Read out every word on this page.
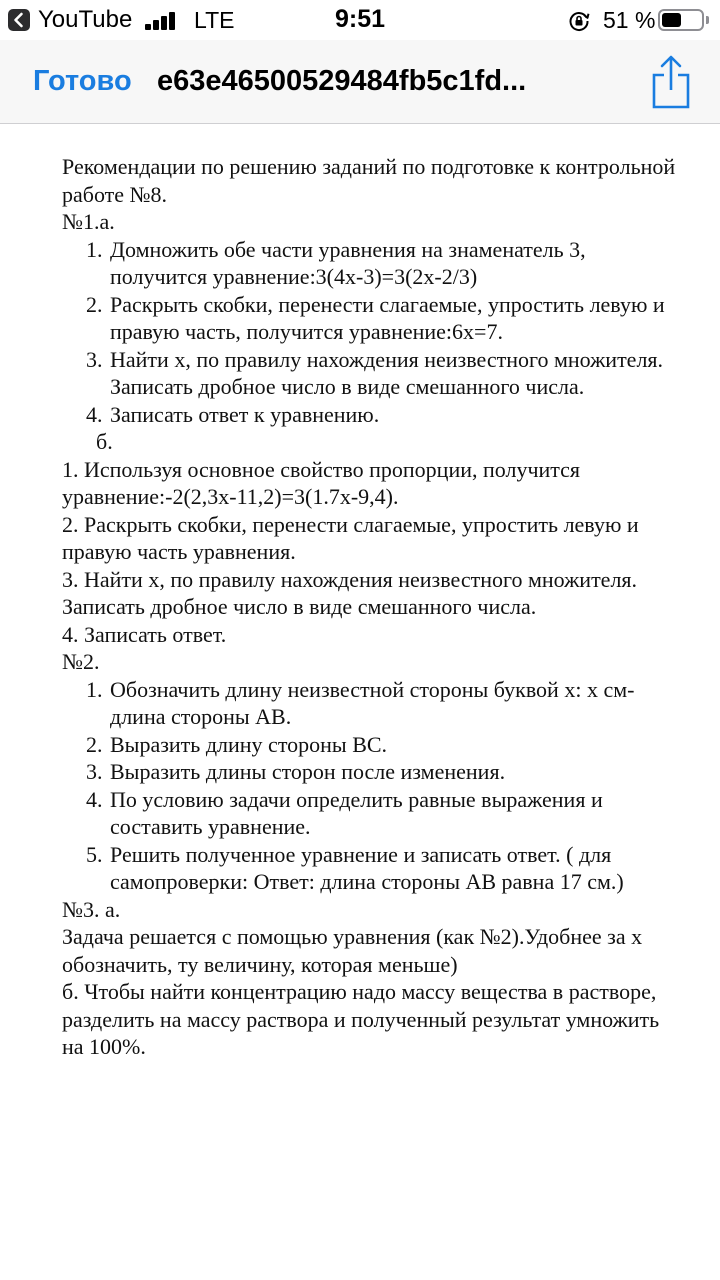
YouTube	LTE	9:51	51 %
Готово e63e46500529484fb5c1fd...

Рекомендации по решению заданий по подготовке к контрольной работе №8.

№1.а.

1. Домножить обе части уравнения на знаменатель 3, получится уравнение:3(4x-3)=3(2x-2/3)
2. Раскрыть скобки, перенести слагаемые, упростить левую и правую часть, получится уравнение:6x=7.
3. Найти x, по правилу нахождения неизвестного множителя. Записать дробное число в виде смешанного числа.
4. Записать ответ к уравнению.

б.

1. Используя основное свойство пропорции, получится уравнение:-2(2,3x-11,2)=3(1.7x-9,4).

2. Раскрыть скобки, перенести слагаемые, упростить левую и правую часть уравнения.

3. Найти x, по правилу нахождения неизвестного множителя. Записать дробное число в виде смешанного числа.

4. Записать ответ.

№2.

1. Обозначить длину неизвестной стороны буквой x: x см-длина стороны AB.
2. Выразить длину стороны BC.
3. Выразить длины сторон после изменения.
4. По условию задачи определить равные выражения и составить уравнение.
5. Решить полученное уравнение и записать ответ. ( для самопроверки: Ответ: длина стороны AB равна 17 см.)

№3. а.

Задача решается с помощью уравнения (как №2).Удобнее за x обозначить, ту величину, которая меньше)

б. Чтобы найти концентрацию надо массу вещества в растворе, разделить на массу раствора и полученный результат умножить на 100%.
